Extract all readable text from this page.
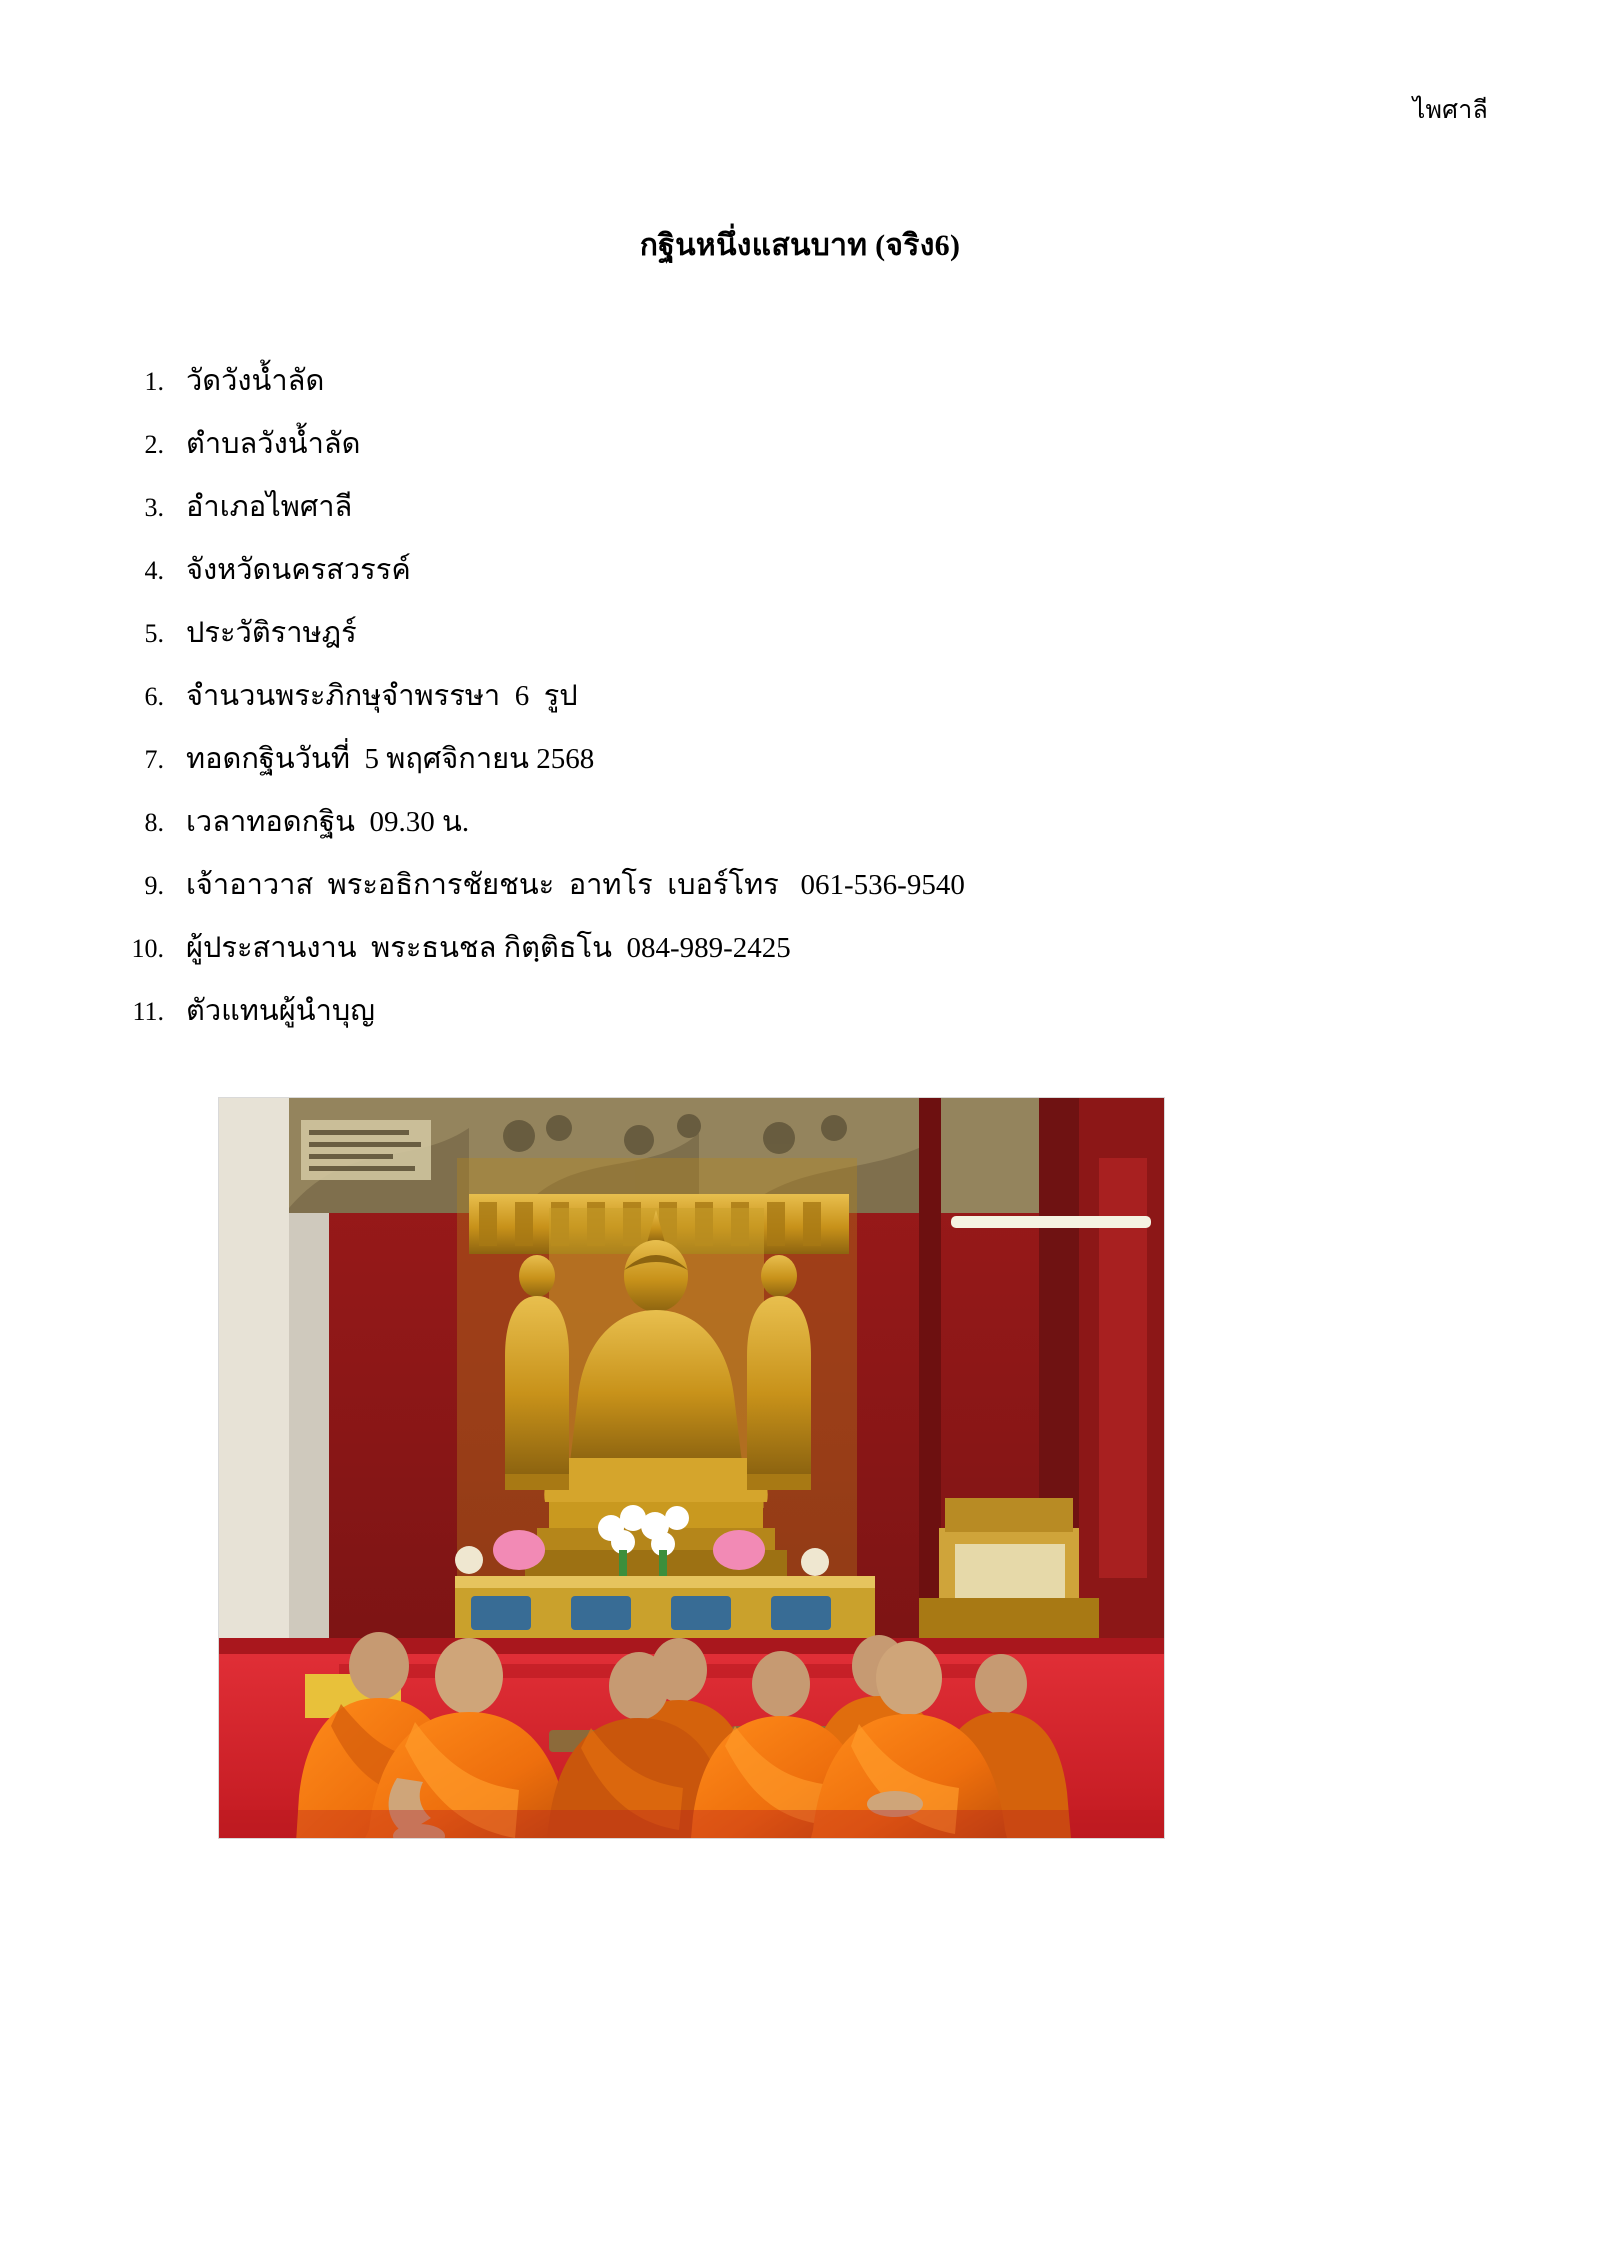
ไพศาลี
กฐินหนึ่งแสนบาท (จริง6)
1. วัดวังน้ำลัด
2. ตำบลวังน้ำลัด
3. อำเภอไพศาลี
4. จังหวัดนครสวรรค์
5. ประวัติราษฎร์
6. จำนวนพระภิกษุจำพรรษา  6  รูป
7. ทอดกฐินวันที่  5 พฤศจิกายน 2568
8. เวลาทอดกฐิน  09.30 น.
9. เจ้าอาวาส  พระอธิการชัยชนะ  อาทโร  เบอร์โทร   061-536-9540
10. ผู้ประสานงาน  พระธนชล กิตฺติธโน  084-989-2425
11. ตัวแทนผู้นำบุญ
